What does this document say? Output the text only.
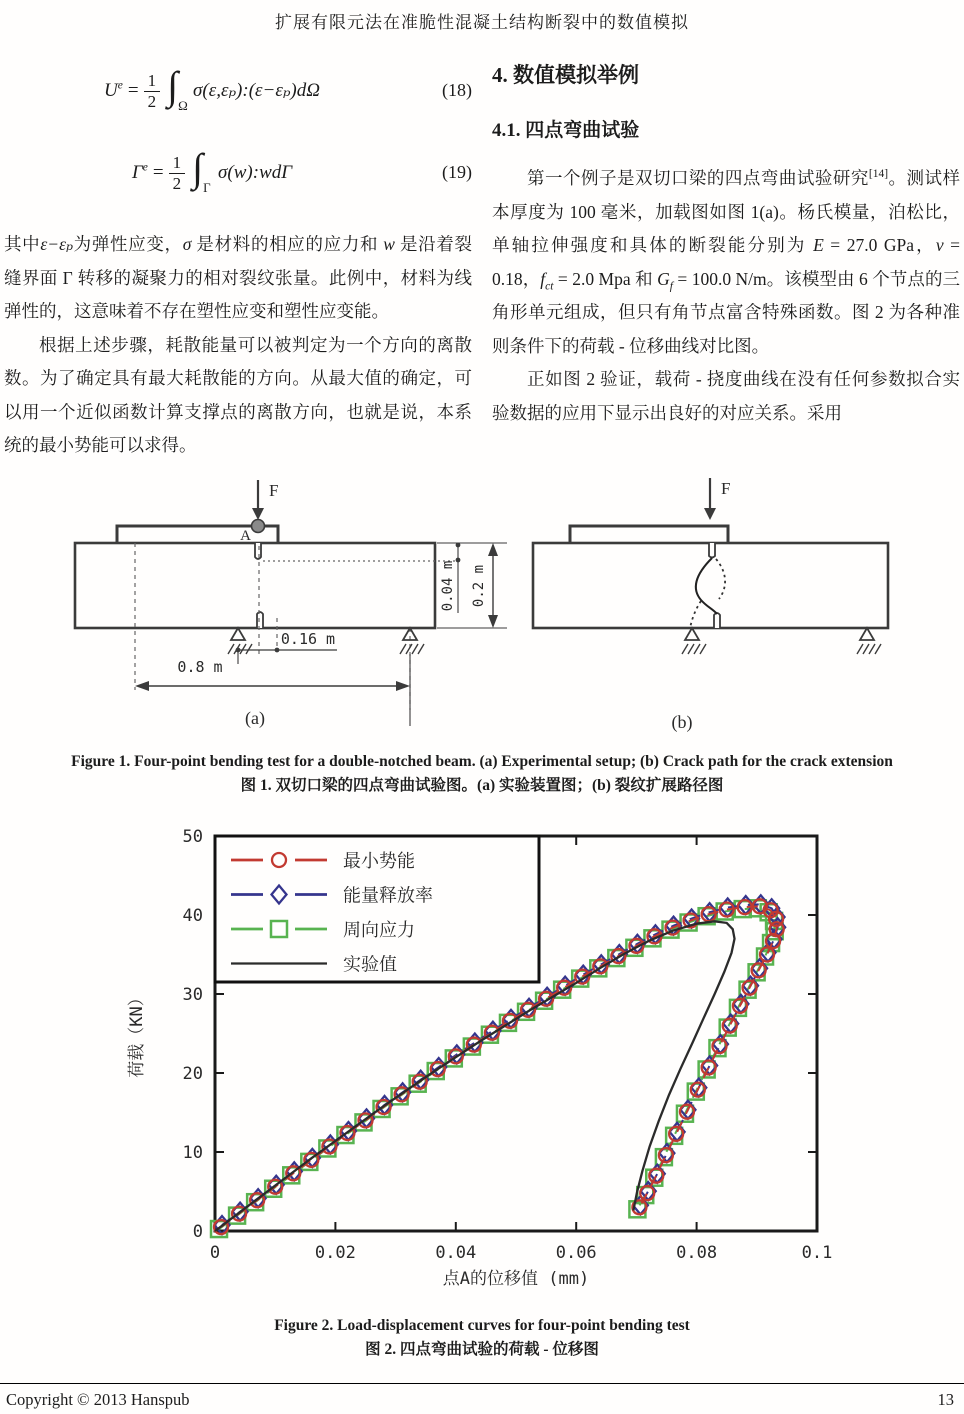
扩展有限元法在准脆性混凝土结构断裂中的数值模拟
$U^e = \frac{1}{2}$ ∫ Ω
σ(ε,εₚ):(ε−εₚ)dΩ	(18)
$\Gamma^e = \frac{1}{2}$ ∫ Γ
σ(w):wdΓ	(19)

其中ε−εₚ为弹性应变，σ 是材料的相应的应力和 w 是沿着裂缝界面 Γ 转移的凝聚力的相对裂纹张量。此例中，材料为线弹性的，这意味着不存在塑性应变和塑性应变能。

根据上述步骤，耗散能量可以被判定为一个方向的离散数。为了确定具有最大耗散能的方向。从最大值的确定，可以用一个近似函数计算支撑点的离散方向，也就是说，本系统的最小势能可以求得。

4. 数值模拟举例
4.1. 四点弯曲试验

第一个例子是双切口梁的四点弯曲试验研究[14]。测试样本厚度为 100 毫米，加载图如图 1(a)。杨氏模量，泊松比，单轴拉伸强度和具体的断裂能分别为 E = 27.0 GPa，v = 0.18，$f_{ct} = 2.0$ Mpa 和 $G_f = 100.0$ N/m。该模型由 6 个节点的三角形单元组成，但只有角节点富含特殊函数。图 2 为各种准则条件下的荷载 - 位移曲线对比图。

正如图 2 验证，载荷 - 挠度曲线在没有任何参数拟合实验数据的应用下显示出良好的对应关系。采用

F
A
0.16 m
0.8 m
0.04 m 0.2 m
(a)
F
(b)
Figure 1. Four-point bending test for a double-notched beam. (a) Experimental setup; (b) Crack path for the crack extension
图 1. 双切口梁的四点弯曲试验图。(a) 实验装置图；(b) 裂纹扩展路径图
0	0.02	0.04	0.06	0.08	0.1
0
10
20
30
40
50
点A的位移值 (mm)
荷载（KN）
最小势能
能量释放率
周向应力
实验值
Figure 2. Load-displacement curves for four-point bending test
图 2. 四点弯曲试验的荷载 - 位移图
Copyright © 2013 Hanspub	13
